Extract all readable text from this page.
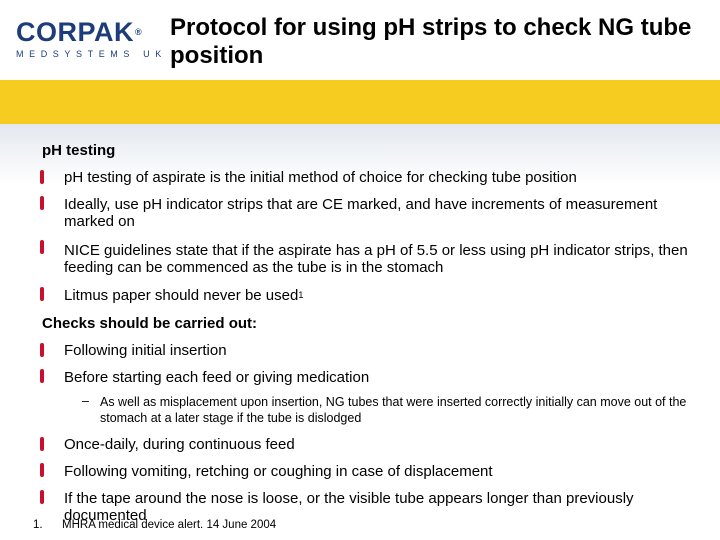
CORPAK®
MEDSYSTEMS UK
Protocol for using pH strips to check NG tube position
pH testing
pH testing of aspirate is the initial method of choice for checking tube position
Ideally, use pH indicator strips that are CE marked, and have increments of measurement marked on
NICE guidelines state that if the aspirate has a pH of 5.5 or less using pH indicator strips, then feeding can be commenced as the tube is in the stomach
Litmus paper should never be used$^1$
Checks should be carried out:
Following initial insertion
Before starting each feed or giving medication
– As well as misplacement upon insertion, NG tubes that were inserted correctly initially can move out of the stomach at a later stage if the tube is dislodged
Once-daily, during continuous feed
Following vomiting, retching or coughing in case of displacement
If the tape around the nose is loose, or the visible tube appears longer than previously documented
1. MHRA medical device alert. 14 June 2004
